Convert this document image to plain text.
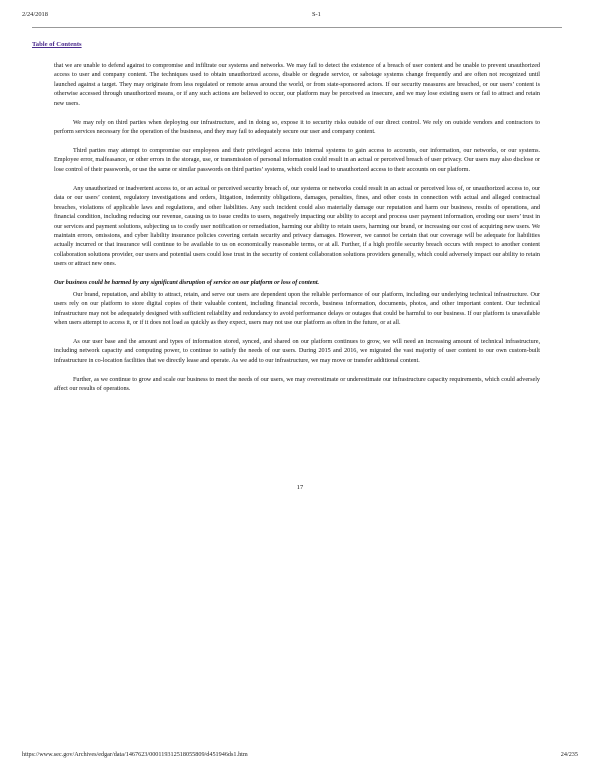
2/24/2018	S-1
Table of Contents

that we are unable to defend against to compromise and infiltrate our systems and networks. We may fail to detect the existence of a breach of user content and be unable to prevent unauthorized access to user and company content. The techniques used to obtain unauthorized access, disable or degrade service, or sabotage systems change frequently and are often not recognized until launched against a target. They may originate from less regulated or remote areas around the world, or from state-sponsored actors. If our security measures are breached, or our users’ content is otherwise accessed through unauthorized means, or if any such actions are believed to occur, our platform may be perceived as insecure, and we may lose existing users or fail to attract and retain new users.

We may rely on third parties when deploying our infrastructure, and in doing so, expose it to security risks outside of our direct control. We rely on outside vendors and contractors to perform services necessary for the operation of the business, and they may fail to adequately secure our user and company content.

Third parties may attempt to compromise our employees and their privileged access into internal systems to gain access to accounts, our information, our networks, or our systems. Employee error, malfeasance, or other errors in the storage, use, or transmission of personal information could result in an actual or perceived breach of user privacy. Our users may also disclose or lose control of their passwords, or use the same or similar passwords on third parties’ systems, which could lead to unauthorized access to their accounts on our platform.

Any unauthorized or inadvertent access to, or an actual or perceived security breach of, our systems or networks could result in an actual or perceived loss of, or unauthorized access to, our data or our users’ content, regulatory investigations and orders, litigation, indemnity obligations, damages, penalties, fines, and other costs in connection with actual and alleged contractual breaches, violations of applicable laws and regulations, and other liabilities. Any such incident could also materially damage our reputation and harm our business, results of operations, and financial condition, including reducing our revenue, causing us to issue credits to users, negatively impacting our ability to accept and process user payment information, eroding our users’ trust in our services and payment solutions, subjecting us to costly user notification or remediation, harming our ability to retain users, harming our brand, or increasing our cost of acquiring new users. We maintain errors, omissions, and cyber liability insurance policies covering certain security and privacy damages. However, we cannot be certain that our coverage will be adequate for liabilities actually incurred or that insurance will continue to be available to us on economically reasonable terms, or at all. Further, if a high profile security breach occurs with respect to another content collaboration solutions provider, our users and potential users could lose trust in the security of content collaboration solutions providers generally, which could adversely impact our ability to retain users or attract new ones.

Our business could be harmed by any significant disruption of service on our platform or loss of content.

Our brand, reputation, and ability to attract, retain, and serve our users are dependent upon the reliable performance of our platform, including our underlying technical infrastructure. Our users rely on our platform to store digital copies of their valuable content, including financial records, business information, documents, photos, and other important content. Our technical infrastructure may not be adequately designed with sufficient reliability and redundancy to avoid performance delays or outages that could be harmful to our business. If our platform is unavailable when users attempt to access it, or if it does not load as quickly as they expect, users may not use our platform as often in the future, or at all.

As our user base and the amount and types of information stored, synced, and shared on our platform continues to grow, we will need an increasing amount of technical infrastructure, including network capacity and computing power, to continue to satisfy the needs of our users. During 2015 and 2016, we migrated the vast majority of user content to our own custom-built infrastructure in co-location facilities that we directly lease and operate. As we add to our infrastructure, we may move or transfer additional content.

Further, as we continue to grow and scale our business to meet the needs of our users, we may overestimate or underestimate our infrastructure capacity requirements, which could adversely affect our results of operations.

17
https://www.sec.gov/Archives/edgar/data/1467623/000119312518055809/d451946ds1.htm	24/235
